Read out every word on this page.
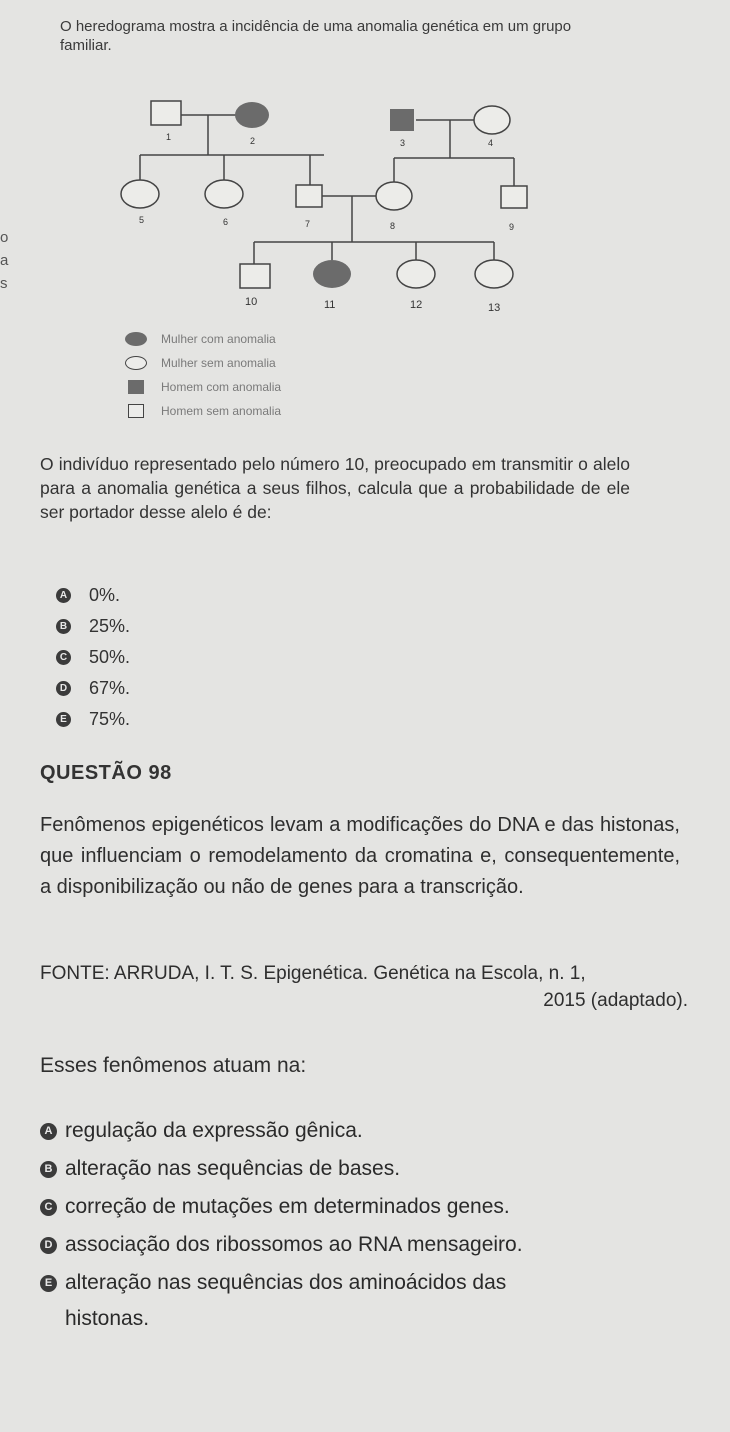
o
a
s
O heredograma mostra a incidência de uma anomalia genética em um grupo familiar.
1	2	3	4
5	6	7	8	9
10	11	12	13
Mulher com anomalia
Mulher sem anomalia
Homem com anomalia
Homem sem anomalia
O indivíduo representado pelo número 10, preocupado em transmitir o alelo para a anomalia genética a seus filhos, calcula que a probabilidade de ele ser portador desse alelo é de:
A 0%.
B 25%.
C 50%.
D 67%.
E 75%.
QUESTÃO 98
Fenômenos epigenéticos levam a modificações do DNA e das histonas, que influenciam o remodelamento da cromatina e, consequentemente, a disponibilização ou não de genes para a transcrição.
FONTE: ARRUDA, I. T. S. Epigenética. Genética na Escola, n. 1,
2015 (adaptado).
Esses fenômenos atuam na:
A regulação da expressão gênica.
B alteração nas sequências de bases.
C correção de mutações em determinados genes.
D associação dos ribossomos ao RNA mensageiro.
E alteração nas sequências dos aminoácidos das
histonas.
